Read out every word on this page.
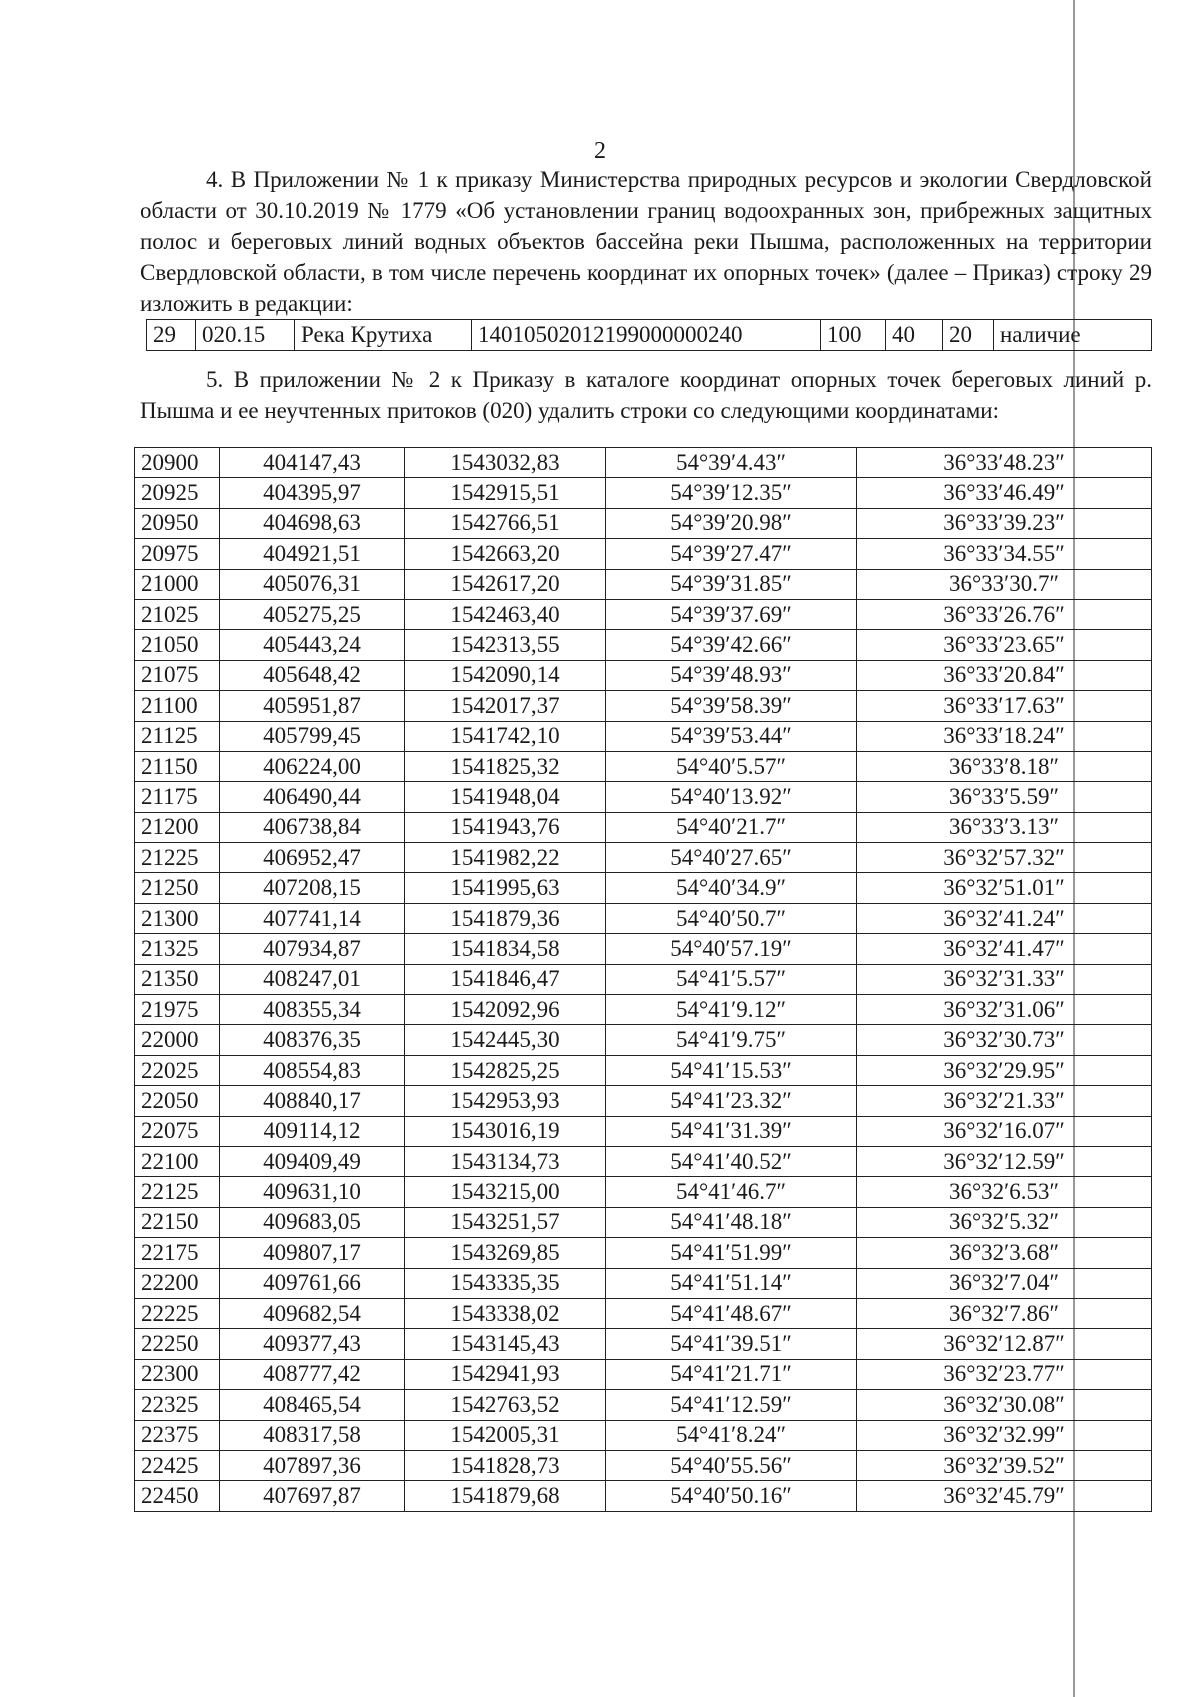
2

4. В Приложении № 1 к приказу Министерства природных ресурсов и экологии Свердловской области от 30.10.2019 № 1779 «Об установлении границ водоохранных зон, прибрежных защитных полос и береговых линий водных объектов бассейна реки Пышма, расположенных на территории Свердловской области, в том числе перечень координат их опорных точек» (далее – Приказ) строку 29 изложить в редакции:

29	020.15	Река Крутиха	14010502012199000000240	100	40	20	наличие

5. В приложении № 2 к Приказу в каталоге координат опорных точек береговых линий р. Пышма и ее неучтенных притоков (020) удалить строки со следующими координатами:

20900	404147,43	1543032,83	54°39′4.43″	36°33′48.23″
20925	404395,97	1542915,51	54°39′12.35″	36°33′46.49″
20950	404698,63	1542766,51	54°39′20.98″	36°33′39.23″
20975	404921,51	1542663,20	54°39′27.47″	36°33′34.55″
21000	405076,31	1542617,20	54°39′31.85″	36°33′30.7″
21025	405275,25	1542463,40	54°39′37.69″	36°33′26.76″
21050	405443,24	1542313,55	54°39′42.66″	36°33′23.65″
21075	405648,42	1542090,14	54°39′48.93″	36°33′20.84″
21100	405951,87	1542017,37	54°39′58.39″	36°33′17.63″
21125	405799,45	1541742,10	54°39′53.44″	36°33′18.24″
21150	406224,00	1541825,32	54°40′5.57″	36°33′8.18″
21175	406490,44	1541948,04	54°40′13.92″	36°33′5.59″
21200	406738,84	1541943,76	54°40′21.7″	36°33′3.13″
21225	406952,47	1541982,22	54°40′27.65″	36°32′57.32″
21250	407208,15	1541995,63	54°40′34.9″	36°32′51.01″
21300	407741,14	1541879,36	54°40′50.7″	36°32′41.24″
21325	407934,87	1541834,58	54°40′57.19″	36°32′41.47″
21350	408247,01	1541846,47	54°41′5.57″	36°32′31.33″
21975	408355,34	1542092,96	54°41′9.12″	36°32′31.06″
22000	408376,35	1542445,30	54°41′9.75″	36°32′30.73″
22025	408554,83	1542825,25	54°41′15.53″	36°32′29.95″
22050	408840,17	1542953,93	54°41′23.32″	36°32′21.33″
22075	409114,12	1543016,19	54°41′31.39″	36°32′16.07″
22100	409409,49	1543134,73	54°41′40.52″	36°32′12.59″
22125	409631,10	1543215,00	54°41′46.7″	36°32′6.53″
22150	409683,05	1543251,57	54°41′48.18″	36°32′5.32″
22175	409807,17	1543269,85	54°41′51.99″	36°32′3.68″
22200	409761,66	1543335,35	54°41′51.14″	36°32′7.04″
22225	409682,54	1543338,02	54°41′48.67″	36°32′7.86″
22250	409377,43	1543145,43	54°41′39.51″	36°32′12.87″
22300	408777,42	1542941,93	54°41′21.71″	36°32′23.77″
22325	408465,54	1542763,52	54°41′12.59″	36°32′30.08″
22375	408317,58	1542005,31	54°41′8.24″	36°32′32.99″
22425	407897,36	1541828,73	54°40′55.56″	36°32′39.52″
22450	407697,87	1541879,68	54°40′50.16″	36°32′45.79″
